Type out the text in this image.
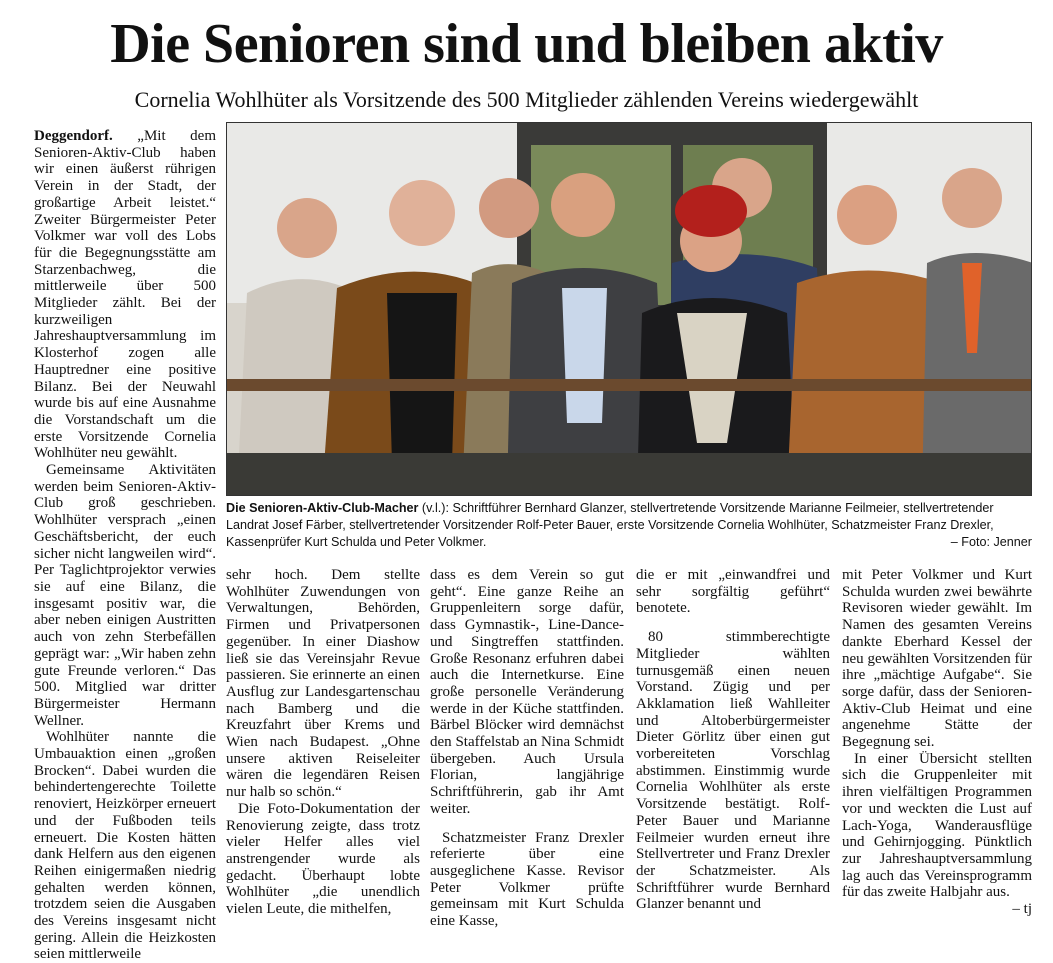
Die Senioren sind und bleiben aktiv
Cornelia Wohlhüter als Vorsitzende des 500 Mitglieder zählenden Vereins wiedergewählt
Die Senioren-Aktiv-Club-Macher (v.l.): Schriftführer Bernhard Glanzer, stellvertretende Vorsitzende Marianne Feilmeier, stellvertretender Landrat Josef Färber, stellvertretender Vorsitzender Rolf-Peter Bauer, erste Vorsitzende Cornelia Wohlhüter, Schatzmeister Franz Drexler, Kassenprüfer Kurt Schulda und Peter Volkmer.	– Foto: Jenner

Deggendorf. „Mit dem Senioren-Aktiv-Club haben wir einen äußerst rührigen Verein in der Stadt, der großartige Arbeit leistet.“ Zweiter Bürgermeister Peter Volkmer war voll des Lobs für die Begegnungsstätte am Starzenbachweg, die mittlerweile über 500 Mitglieder zählt. Bei der kurzweiligen Jahreshauptversammlung im Klosterhof zogen alle Hauptredner eine positive Bilanz. Bei der Neuwahl wurde bis auf eine Ausnahme die Vorstandschaft um die erste Vorsitzende Cornelia Wohlhüter neu gewählt.

Gemeinsame Aktivitäten werden beim Senioren-Aktiv-Club groß geschrieben. Wohlhüter versprach „einen Geschäftsbericht, der euch sicher nicht langweilen wird“. Per Taglichtprojektor verwies sie auf eine Bilanz, die insgesamt positiv war, die aber neben einigen Austritten auch von zehn Sterbefällen geprägt war: „Wir haben zehn gute Freunde verloren.“ Das 500. Mitglied war dritter Bürgermeister Hermann Wellner.

Wohlhüter nannte die Umbauaktion einen „großen Brocken“. Dabei wurden die behindertengerechte Toilette renoviert, Heizkörper erneuert und der Fußboden teils erneuert. Die Kosten hätten dank Helfern aus den eigenen Reihen einigermaßen niedrig gehalten werden können, trotzdem seien die Ausgaben des Vereins insgesamt nicht gering. Allein die Heizkosten seien mittlerweile

sehr hoch. Dem stellte Wohlhüter Zuwendungen von Verwaltungen, Behörden, Firmen und Privatpersonen gegenüber. In einer Diashow ließ sie das Vereinsjahr Revue passieren. Sie erinnerte an einen Ausflug zur Landesgartenschau nach Bamberg und die Kreuzfahrt über Krems und Wien nach Budapest. „Ohne unsere aktiven Reiseleiter wären die legendären Reisen nur halb so schön.“

Die Foto-Dokumentation der Renovierung zeigte, dass trotz vieler Helfer alles viel anstrengender wurde als gedacht. Überhaupt lobte Wohlhüter „die unendlich vielen Leute, die mithelfen,

dass es dem Verein so gut geht“. Eine ganze Reihe an Gruppenleitern sorge dafür, dass Gymnastik-, Line-Dance- und Singtreffen stattfinden. Große Resonanz erfuhren dabei auch die Internetkurse. Eine große personelle Veränderung werde in der Küche stattfinden. Bärbel Blöcker wird demnächst den Staffelstab an Nina Schmidt übergeben. Auch Ursula Florian, langjährige Schriftführerin, gab ihr Amt weiter.

Schatzmeister Franz Drexler referierte über eine ausgeglichene Kasse. Revisor Peter Volkmer prüfte gemeinsam mit Kurt Schulda eine Kasse,

die er mit „einwandfrei und sehr sorgfältig geführt“ benotete.

80 stimmberechtigte Mitglieder wählten turnusgemäß einen neuen Vorstand. Zügig und per Akklamation ließ Wahlleiter und Altoberbürgermeister Dieter Görlitz über einen gut vorbereiteten Vorschlag abstimmen. Einstimmig wurde Cornelia Wohlhüter als erste Vorsitzende bestätigt. Rolf-Peter Bauer und Marianne Feilmeier wurden erneut ihre Stellvertreter und Franz Drexler der Schatzmeister. Als Schriftführer wurde Bernhard Glanzer benannt und

mit Peter Volkmer und Kurt Schulda wurden zwei bewährte Revisoren wieder gewählt. Im Namen des gesamten Vereins dankte Eberhard Kessel der neu gewählten Vorsitzenden für ihre „mächtige Aufgabe“. Sie sorge dafür, dass der Senioren-Aktiv-Club Heimat und eine angenehme Stätte der Begegnung sei.

In einer Übersicht stellten sich die Gruppenleiter mit ihren vielfältigen Programmen vor und weckten die Lust auf Lach-Yoga, Wanderausflüge und Gehirnjogging. Pünktlich zur Jahreshauptversammlung lag auch das Vereinsprogramm für das zweite Halbjahr aus.
– tj
